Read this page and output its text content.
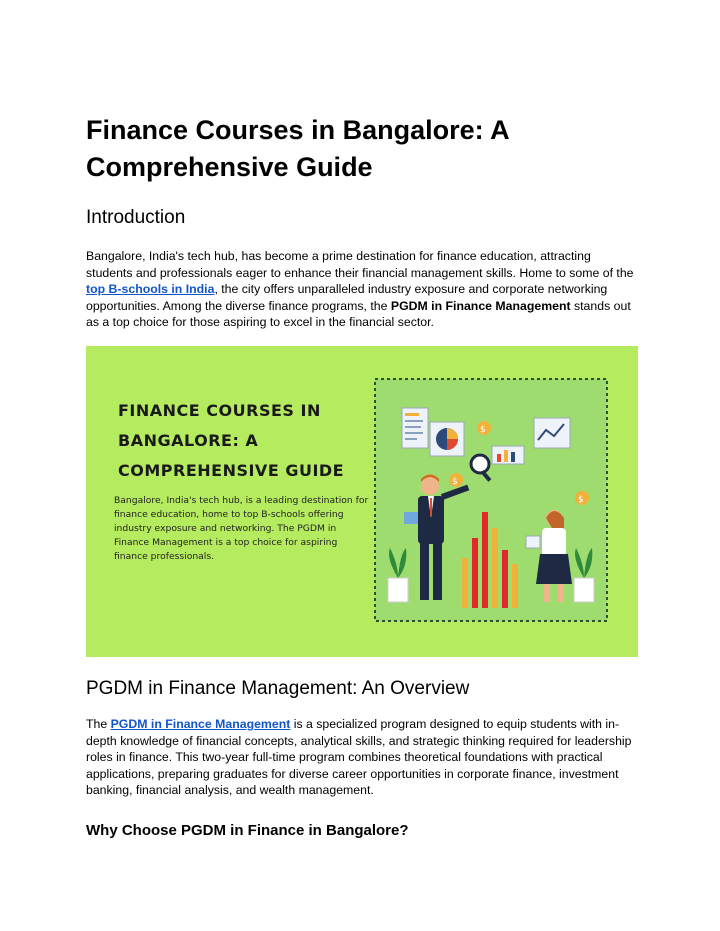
Finance Courses in Bangalore: A
Comprehensive Guide
Introduction

Bangalore, India's tech hub, has become a prime destination for finance education, attracting students and professionals eager to enhance their financial management skills. Home to some of the top B-schools in India, the city offers unparalleled industry exposure and corporate networking opportunities. Among the diverse finance programs, the PGDM in Finance Management stands out as a top choice for those aspiring to excel in the financial sector.

FINANCE COURSES IN
BANGALORE: A
COMPREHENSIVE GUIDE
Bangalore, India's tech hub, is a leading destination for finance education, home to top B-schools offering industry exposure and networking. The PGDM in Finance Management is a top choice for aspiring finance professionals.
$
$
$
PGDM in Finance Management: An Overview

The PGDM in Finance Management is a specialized program designed to equip students with in-depth knowledge of financial concepts, analytical skills, and strategic thinking required for leadership roles in finance. This two-year full-time program combines theoretical foundations with practical applications, preparing graduates for diverse career opportunities in corporate finance, investment banking, financial analysis, and wealth management.

Why Choose PGDM in Finance in Bangalore?
